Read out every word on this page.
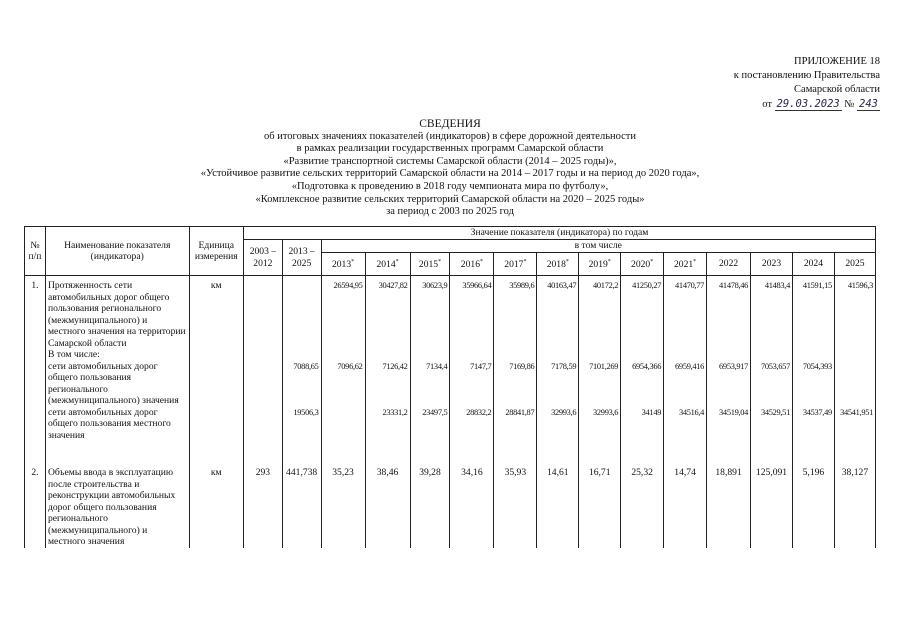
ПРИЛОЖЕНИЕ 18
к постановлению Правительства
Самарской области
от 29.03.2023 № 243
СВЕДЕНИЯ
об итоговых значениях показателей (индикаторов) в сфере дорожной деятельности
в рамках реализации государственных программ Самарской области
«Развитие транспортной системы Самарской области (2014 – 2025 годы)»,
«Устойчивое развитие сельских территорий Самарской области на 2014 – 2017 годы и на период до 2020 года»,
«Подготовка к проведению в 2018 году чемпионата мира по футболу»,
«Комплексное развитие сельских территорий Самарской области на 2020 – 2025 годы»
за период с 2003 по 2025 год
№ п/п	Наименование показателя (индикатора)	Единица измерения	Значение показателя (индикатора) по годам														
			2003 – 2012	2013 – 2025	в том числе												
					2013*	2014*	2015*	2016*	2017*	2018*	2019*	2020*	2021*	2022	2023	2024	2025
1.	Протяженность сети автомобильных дорог общего пользования регионального (межмуниципального) и местного значения на территории Самарской области	км			26594,95	30427,82	30623,9	35966,64	35989,6	40163,47	40172,2	41250,27	41470,77	41478,46	41483,4	41591,15	41596,3
	В том числе:																
	сети автомобильных дорог общего пользования регионального (межмуниципального) значения			7088,65	7096,62	7126,42	7134,4	7147,7	7169,86	7178,59	7101,269	6954,366	6959,416	6953,917	7053,657	7054,393	
	сети автомобильных дорог общего пользования местного значения			19506,3		23331,2	23497,5	28832,2	28841,87	32993,6	32993,6	34149	34516,4	34519,04	34529,51	34537,49	34541,951

2.	Объемы ввода в эксплуатацию после строительства и реконструкции автомобильных дорог общего пользования регионального (межмуниципального) и местного значения	км	293	441,738	35,23	38,46	39,28	34,16	35,93	14,61	16,71	25,32	14,74	18,891	125,091	5,196	38,127
